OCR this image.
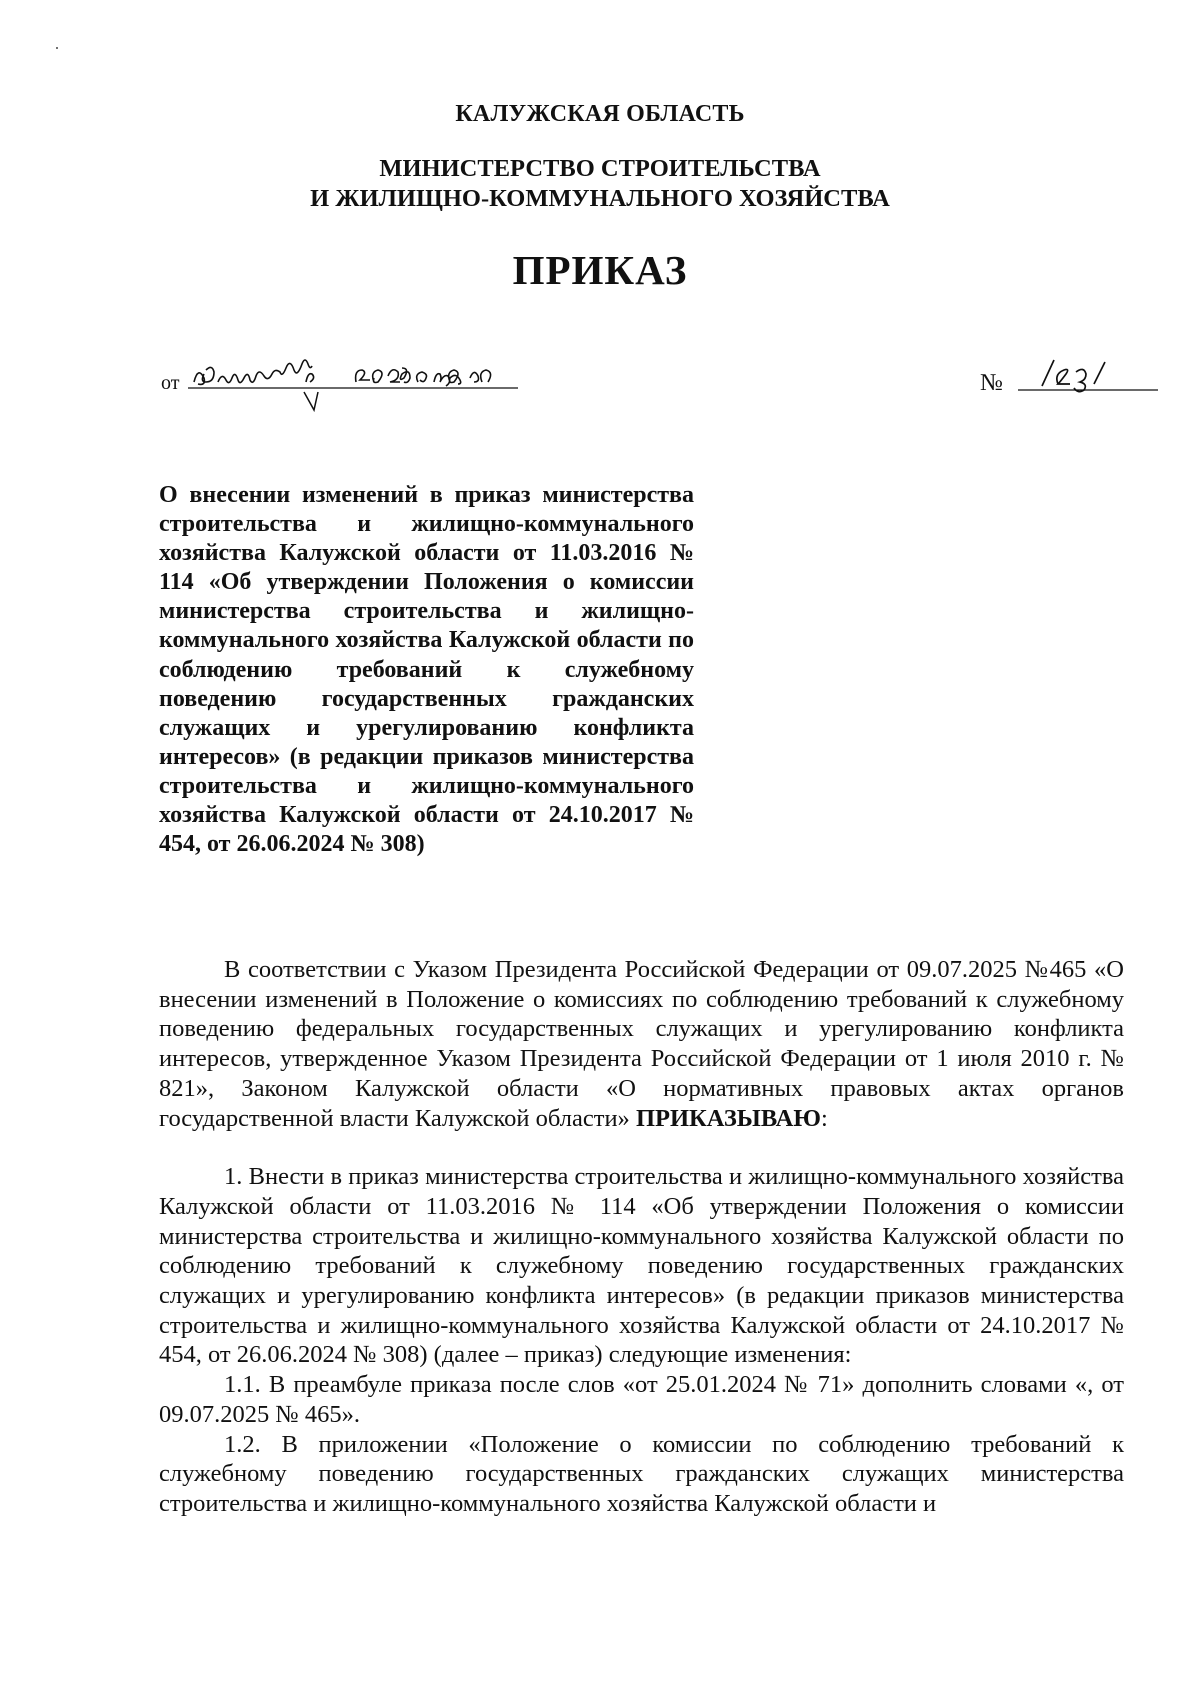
КАЛУЖСКАЯ ОБЛАСТЬ
МИНИСТЕРСТВО СТРОИТЕЛЬСТВА
И ЖИЛИЩНО-КОММУНАЛЬНОГО ХОЗЯЙСТВА
ПРИКАЗ
от	№

О внесении изменений в приказ министерства строительства и жилищно-коммунального хозяйства Калужской области от 11.03.2016 № 114 «Об утверждении Положения о комиссии министерства строительства и жилищно-коммунального хозяйства Калужской области по соблюдению требований к служебному поведению государственных гражданских служащих и урегулированию конфликта интересов» (в редакции приказов министерства строительства и жилищно-коммунального хозяйства Калужской области от 24.10.2017 № 454, от 26.06.2024 № 308)

В соответствии с Указом Президента Российской Федерации от 09.07.2025 №465 «О внесении изменений в Положение о комиссиях по соблюдению требований к служебному поведению федеральных государственных служащих и урегулированию конфликта интересов, утвержденное Указом Президента Российской Федерации от 1 июля 2010 г. № 821», Законом Калужской области «О нормативных правовых актах органов государственной власти Калужской области» ПРИКАЗЫВАЮ:

1. Внести в приказ министерства строительства и жилищно-коммунального хозяйства Калужской области от 11.03.2016 № 114 «Об утверждении Положения о комиссии министерства строительства и жилищно-коммунального хозяйства Калужской области по соблюдению требований к служебному поведению государственных гражданских служащих и урегулированию конфликта интересов» (в редакции приказов министерства строительства и жилищно-коммунального хозяйства Калужской области от 24.10.2017 № 454, от 26.06.2024 № 308) (далее – приказ) следующие изменения:

1.1. В преамбуле приказа после слов «от 25.01.2024 № 71» дополнить словами «, от 09.07.2025 № 465».

1.2. В приложении «Положение о комиссии по соблюдению требований к служебному поведению государственных гражданских служащих министерства строительства и жилищно-коммунального хозяйства Калужской области и
